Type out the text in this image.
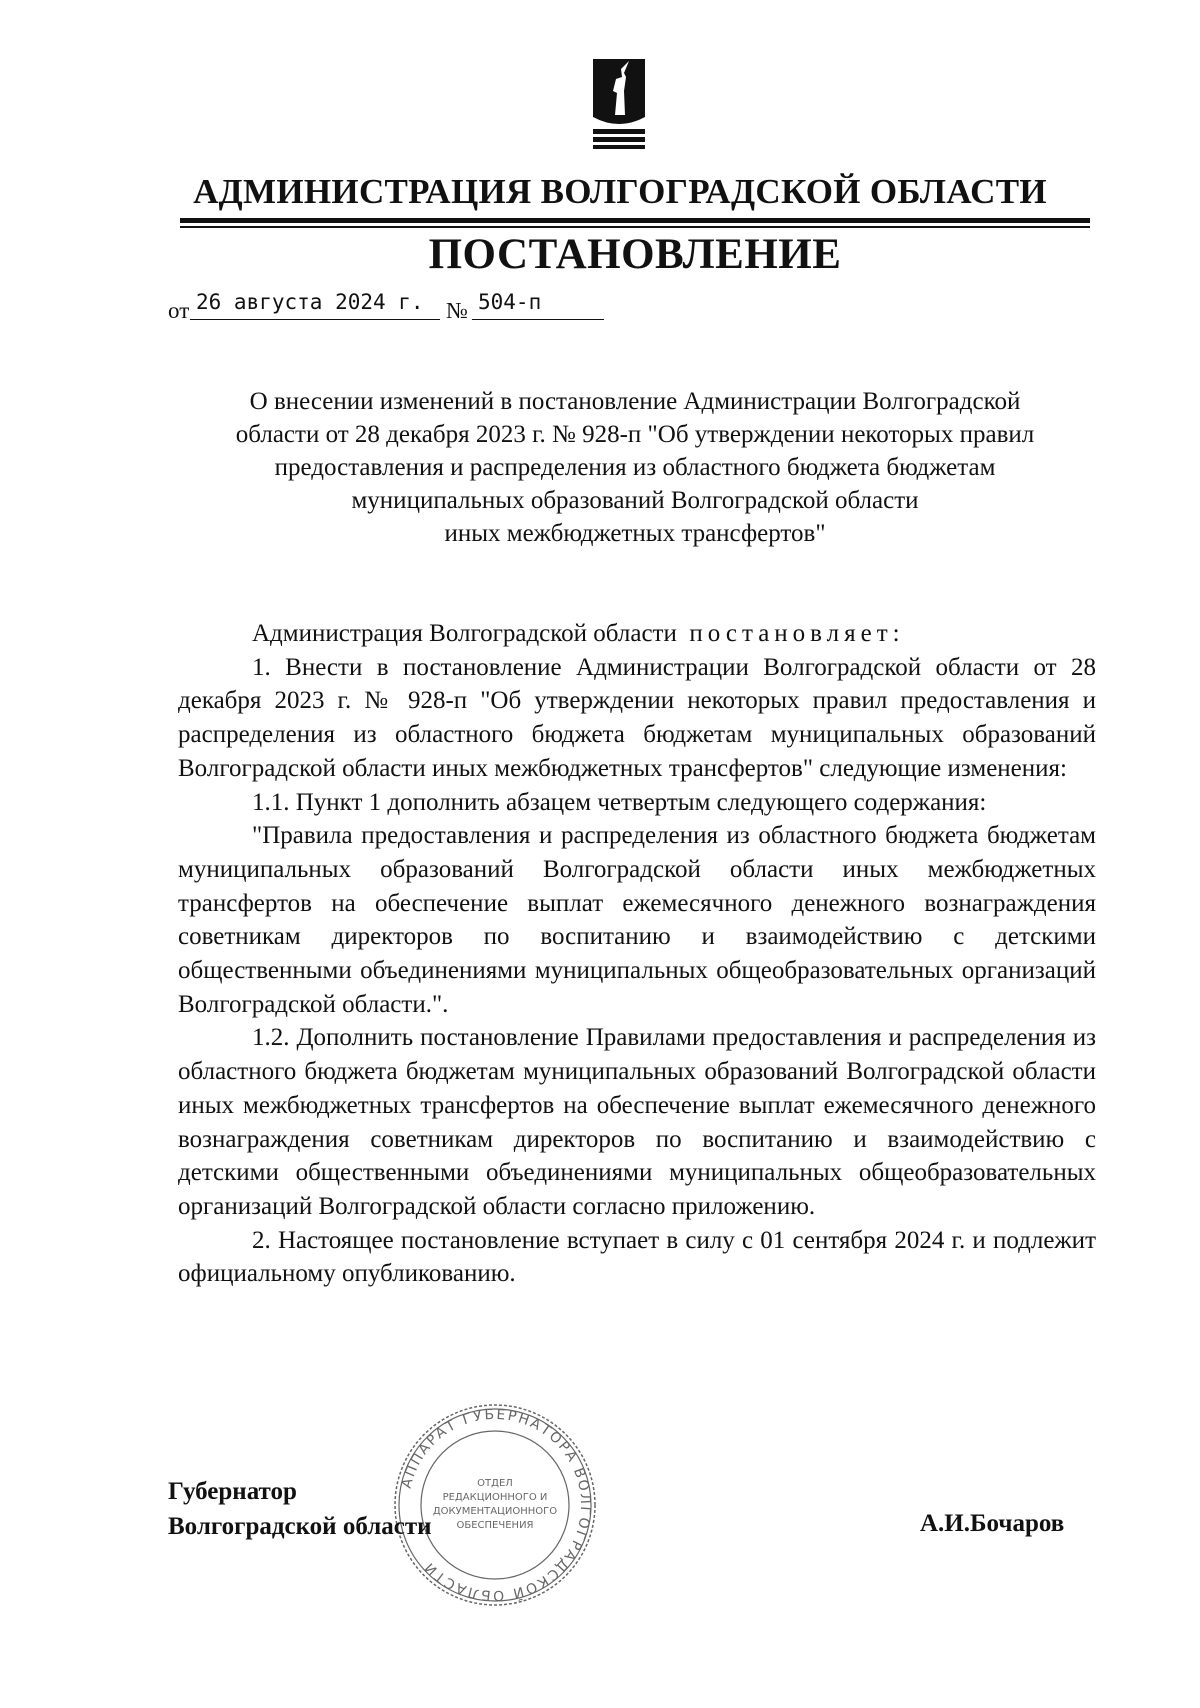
АДМИНИСТРАЦИЯ ВОЛГОГРАДСКОЙ ОБЛАСТИ
ПОСТАНОВЛЕНИЕ
от 26 августа 2024 г. № 504-п
О внесении изменений в постановление Администрации Волгоградской
области от 28 декабря 2023 г. № 928-п "Об утверждении некоторых правил
предоставления и распределения из областного бюджета бюджетам
муниципальных образований Волгоградской области
иных межбюджетных трансфертов"

Администрация Волгоградской области постановляет:

1. Внести в постановление Администрации Волгоградской области от 28 декабря 2023 г. № 928-п "Об утверждении некоторых правил предоставления и распределения из областного бюджета бюджетам муниципальных образований Волгоградской области иных межбюджетных трансфертов" следующие изменения:

1.1. Пункт 1 дополнить абзацем четвертым следующего содержания:

"Правила предоставления и распределения из областного бюджета бюджетам муниципальных образований Волгоградской области иных межбюджетных трансфертов на обеспечение выплат ежемесячного денежного вознаграждения советникам директоров по воспитанию и взаимодействию с детскими общественными объединениями муниципальных общеобразовательных организаций Волгоградской области.".

1.2. Дополнить постановление Правилами предоставления и распределения из областного бюджета бюджетам муниципальных образований Волгоградской области иных межбюджетных трансфертов на обеспечение выплат ежемесячного денежного вознаграждения советникам директоров по воспитанию и взаимодействию с детскими общественными объединениями муниципальных общеобразовательных организаций Волгоградской области согласно приложению.

2. Настоящее постановление вступает в силу с 01 сентября 2024 г. и подлежит официальному опубликованию.

Губернатор
Волгоградской области	А.И.Бочаров
АППАРАТ ГУБЕРНАТОРА ВОЛГОГРАДСКОЙ ОБЛАСТИ
ОТДЕЛ
РЕДАКЦИОННОГО И
ДОКУМЕНТАЦИОННОГО
ОБЕСПЕЧЕНИЯ
